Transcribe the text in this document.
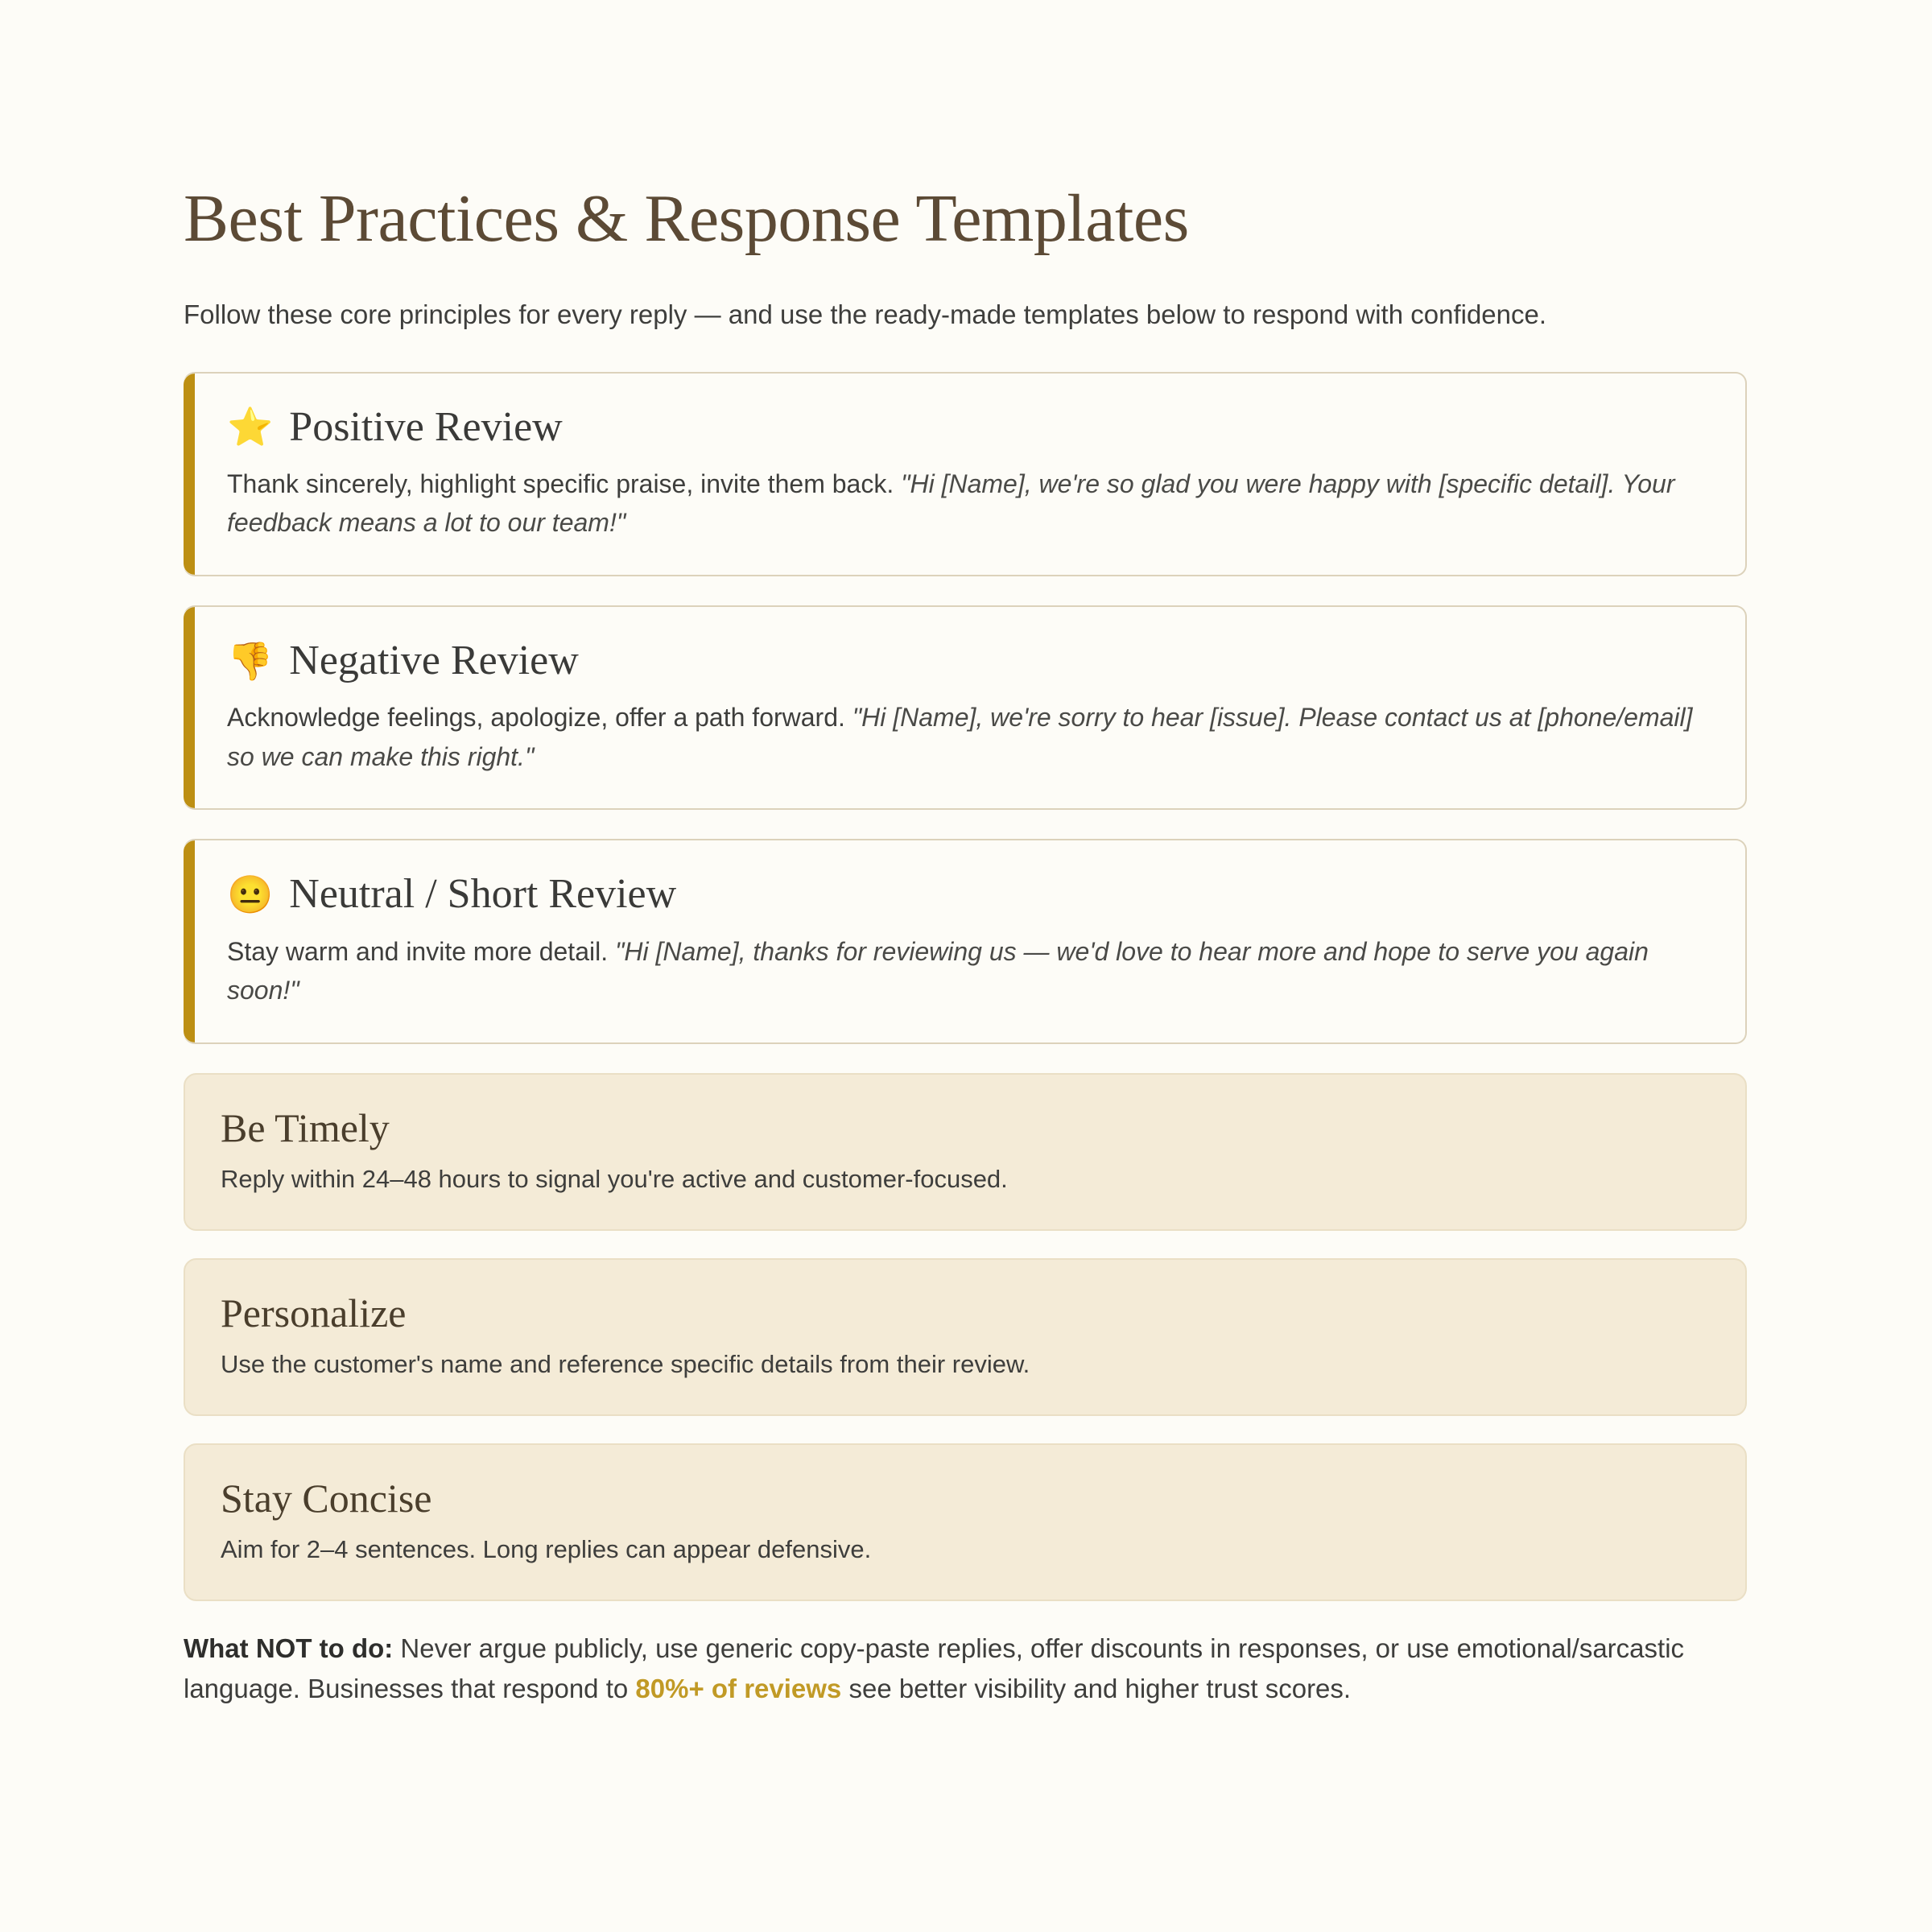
Best Practices & Response Templates

Follow these core principles for every reply — and use the ready-made templates below to respond with confidence.

⭐ Positive Review

Thank sincerely, highlight specific praise, invite them back. "Hi [Name], we're so glad you were happy with [specific detail]. Your feedback means a lot to our team!"

👎 Negative Review

Acknowledge feelings, apologize, offer a path forward. "Hi [Name], we're sorry to hear [issue]. Please contact us at [phone/email] so we can make this right."

😐 Neutral / Short Review

Stay warm and invite more detail. "Hi [Name], thanks for reviewing us — we'd love to hear more and hope to serve you again soon!"

Be Timely

Reply within 24–48 hours to signal you're active and customer-focused.

Personalize

Use the customer's name and reference specific details from their review.

Stay Concise

Aim for 2–4 sentences. Long replies can appear defensive.

What NOT to do: Never argue publicly, use generic copy-paste replies, offer discounts in responses, or use emotional/sarcastic language. Businesses that respond to 80%+ of reviews see better visibility and higher trust scores.
